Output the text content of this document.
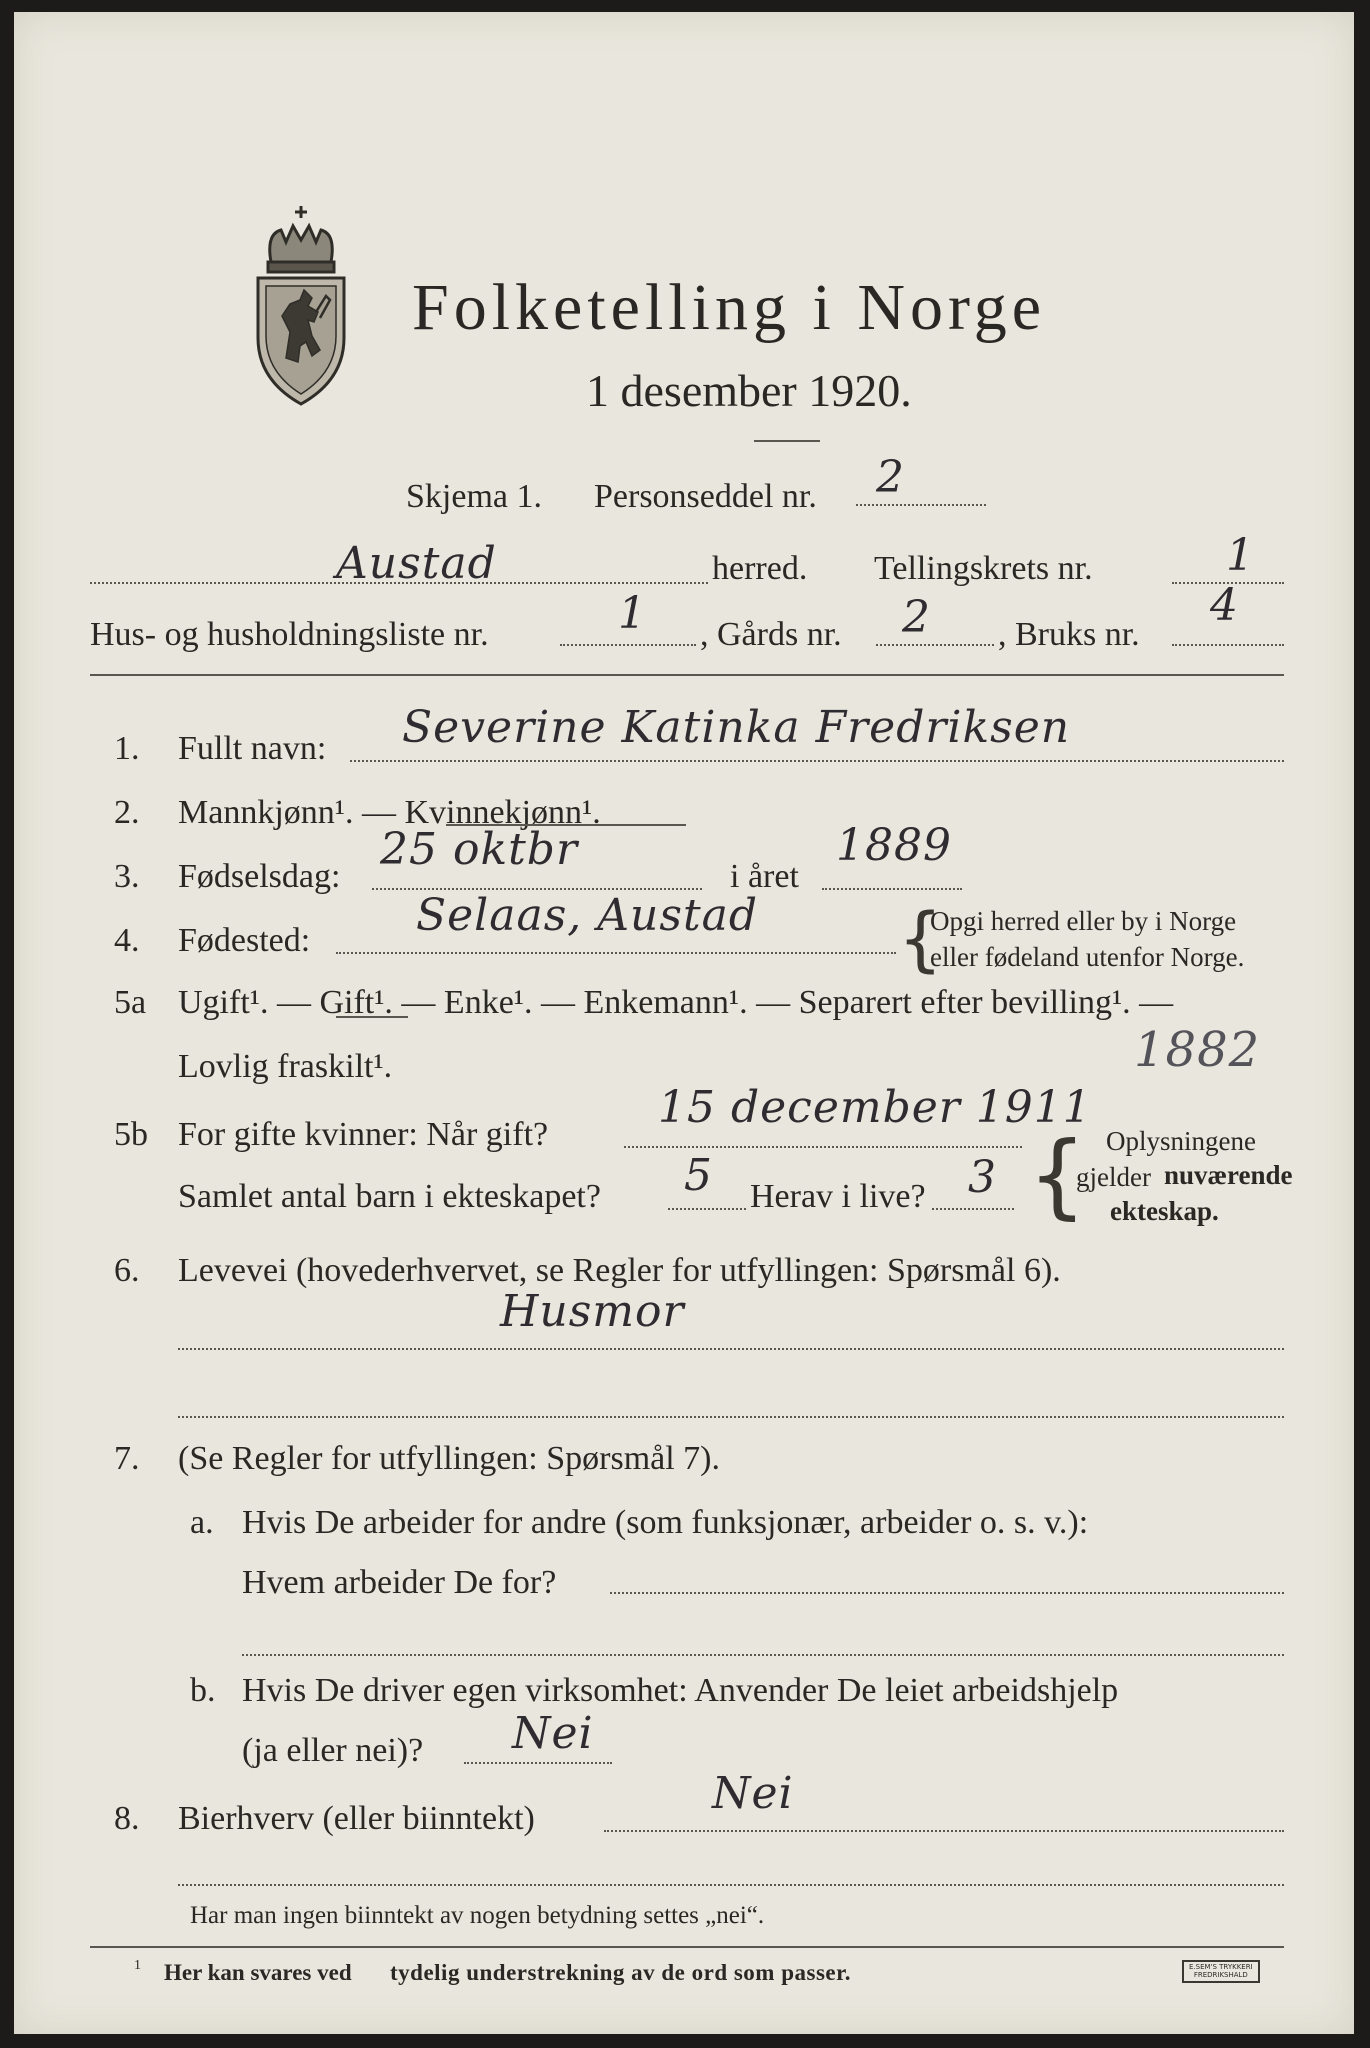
Folketelling i Norge
1 desember 1920.
Skjema 1. Personseddel nr. 2
Austad	herred. Tellingskrets nr.	1
Hus- og husholdningsliste nr.	1 , Gårds nr. 2 , Bruks nr.
4
1. Fullt navn: Severine Katinka Fredriksen
2. Mannkjønn¹. — Kvinnekjønn¹.
3. Fødselsdag:
25 oktbr
i året
1889
4. Fødested: Selaas, Austad {
Opgi herred eller by i Norge
eller fødeland utenfor Norge.
5a Ugift¹. — Gift¹. — Enke¹. — Enkemann¹. — Separert efter bevilling¹. —
Lovlig fraskilt¹.	1882
5b For gifte kvinner: Når gift?
15 december 1911
Samlet antal barn i ekteskapet? 5 Herav i live? 3 { Oplysningene
gjelder nuværende
ekteskap.
6. Levevei (hovederhvervet, se Regler for utfyllingen: Spørsmål 6).
Husmor
7. (Se Regler for utfyllingen: Spørsmål 7).
a. Hvis De arbeider for andre (som funksjonær, arbeider o. s. v.):
Hvem arbeider De for?
b. Hvis De driver egen virksomhet: Anvender De leiet arbeidshjelp
(ja eller nei)? Nei
8. Bierhverv (eller biinntekt)	Nei
Har man ingen biinntekt av nogen betydning settes „nei“.
1 Her kan svares ved tydelig understrekning av de ord som passer.	E.SEM'S TRYKKERI
FREDRIKSHALD
